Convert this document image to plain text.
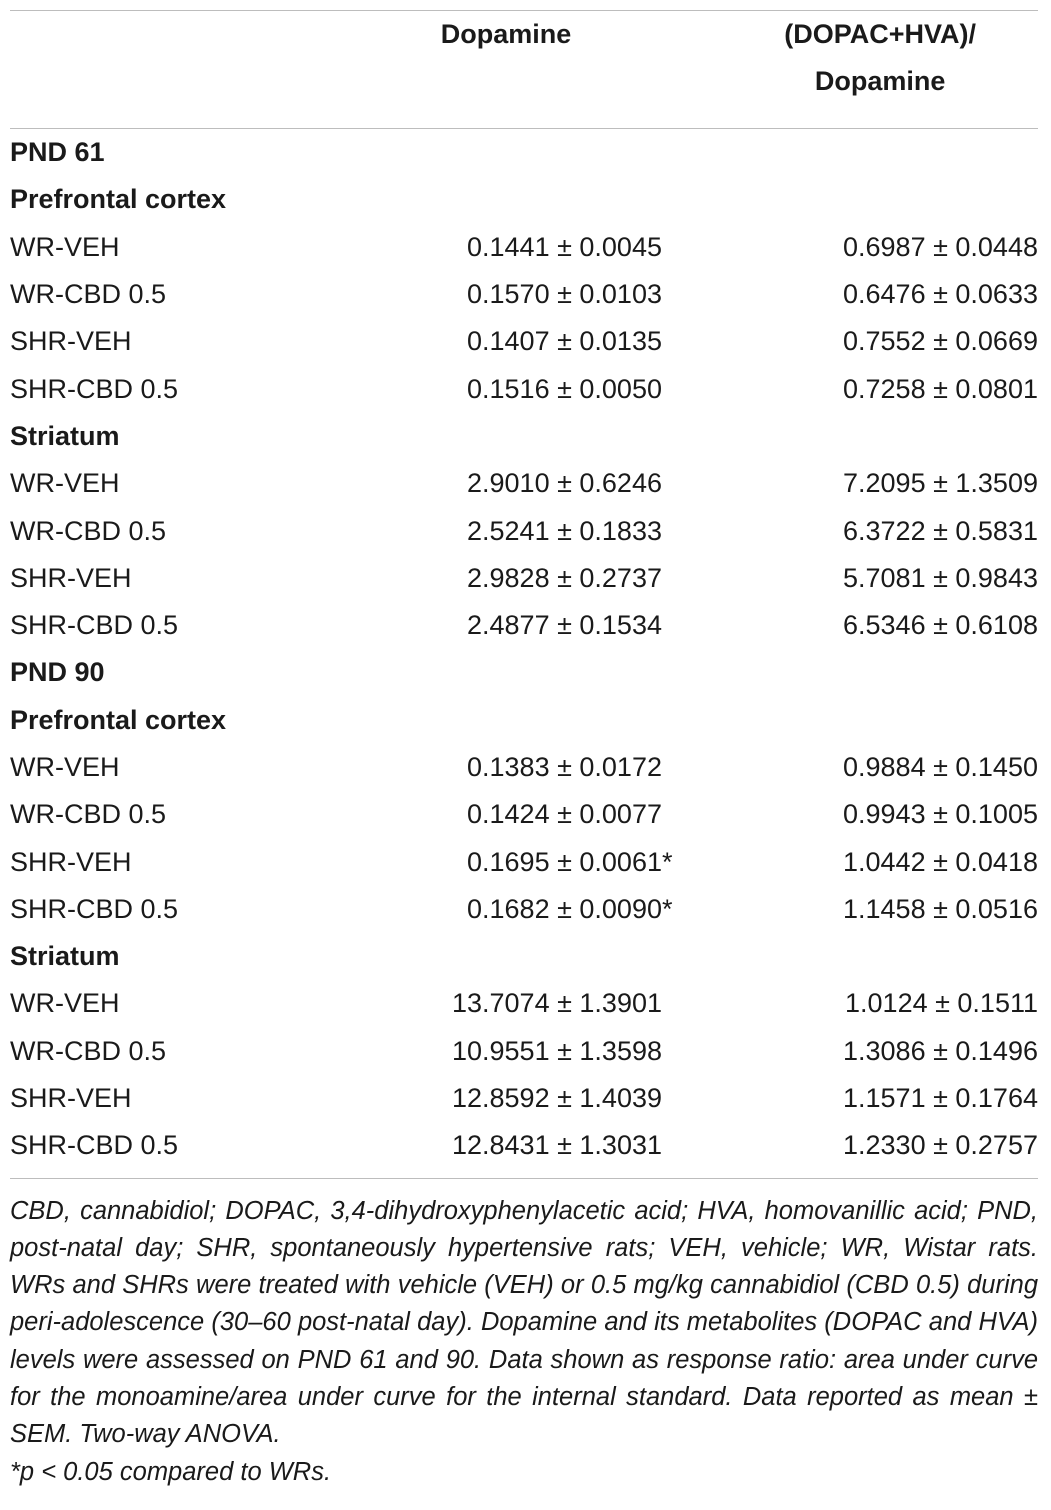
	Dopamine	(DOPAC+HVA)/
Dopamine
PND 61		
Prefrontal cortex		
WR-VEH	0.1441 ± 0.0045	0.6987 ± 0.0448
WR-CBD 0.5	0.1570 ± 0.0103	0.6476 ± 0.0633
SHR-VEH	0.1407 ± 0.0135	0.7552 ± 0.0669
SHR-CBD 0.5	0.1516 ± 0.0050	0.7258 ± 0.0801
Striatum		
WR-VEH	2.9010 ± 0.6246	7.2095 ± 1.3509
WR-CBD 0.5	2.5241 ± 0.1833	6.3722 ± 0.5831
SHR-VEH	2.9828 ± 0.2737	5.7081 ± 0.9843
SHR-CBD 0.5	2.4877 ± 0.1534	6.5346 ± 0.6108
PND 90		
Prefrontal cortex		
WR-VEH	0.1383 ± 0.0172	0.9884 ± 0.1450
WR-CBD 0.5	0.1424 ± 0.0077	0.9943 ± 0.1005
SHR-VEH	0.1695 ± 0.0061*	1.0442 ± 0.0418
SHR-CBD 0.5	0.1682 ± 0.0090*	1.1458 ± 0.0516
Striatum		
WR-VEH	13.7074 ± 1.3901	1.0124 ± 0.1511
WR-CBD 0.5	10.9551 ± 1.3598	1.3086 ± 0.1496
SHR-VEH	12.8592 ± 1.4039	1.1571 ± 0.1764
SHR-CBD 0.5	12.8431 ± 1.3031	1.2330 ± 0.2757
CBD, cannabidiol; DOPAC, 3,4-dihydroxyphenylacetic acid; HVA, homovanillic acid; PND, post-natal day; SHR, spontaneously hypertensive rats; VEH, vehicle; WR, Wistar rats. WRs and SHRs were treated with vehicle (VEH) or 0.5 mg/kg cannabidiol (CBD 0.5) during peri-adolescence (30–60 post-natal day). Dopamine and its metabolites (DOPAC and HVA) levels were assessed on PND 61 and 90. Data shown as response ratio: area under curve for the monoamine/area under curve for the internal standard. Data reported as mean ± SEM. Two-way ANOVA.
*p < 0.05 compared to WRs.
